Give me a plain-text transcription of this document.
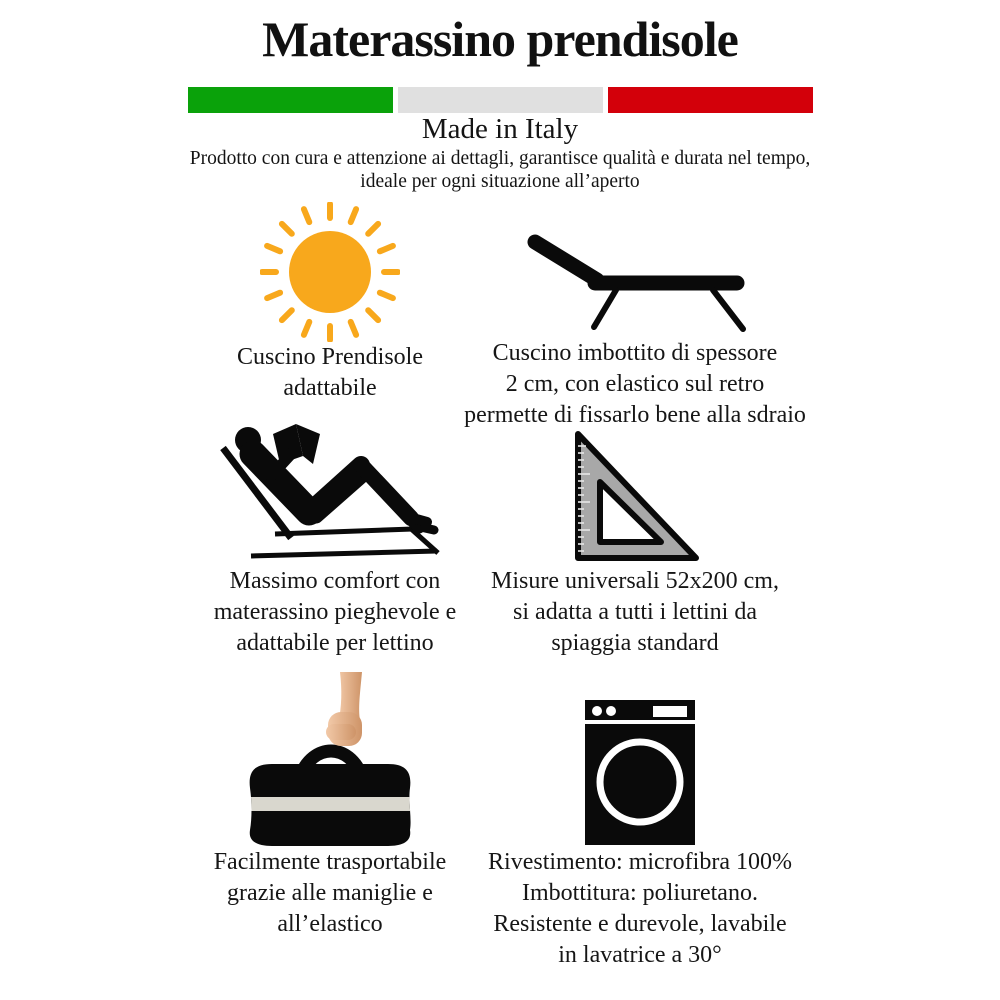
Materassino prendisole
Made in Italy
Prodotto con cura e attenzione ai dettagli, garantisce qualità e durata nel tempo,
ideale per ogni situazione all’aperto
Cuscino Prendisole
adattabile
Cuscino imbottito di spessore
2 cm, con elastico sul retro
permette di fissarlo bene alla sdraio
Massimo comfort con
materassino pieghevole e
adattabile per lettino
Misure universali 52x200 cm,
si adatta a tutti i lettini da
spiaggia standard
Facilmente trasportabile
grazie alle maniglie e
all’elastico
Rivestimento: microfibra 100%
Imbottitura: poliuretano.
Resistente e durevole, lavabile
in lavatrice a 30°
